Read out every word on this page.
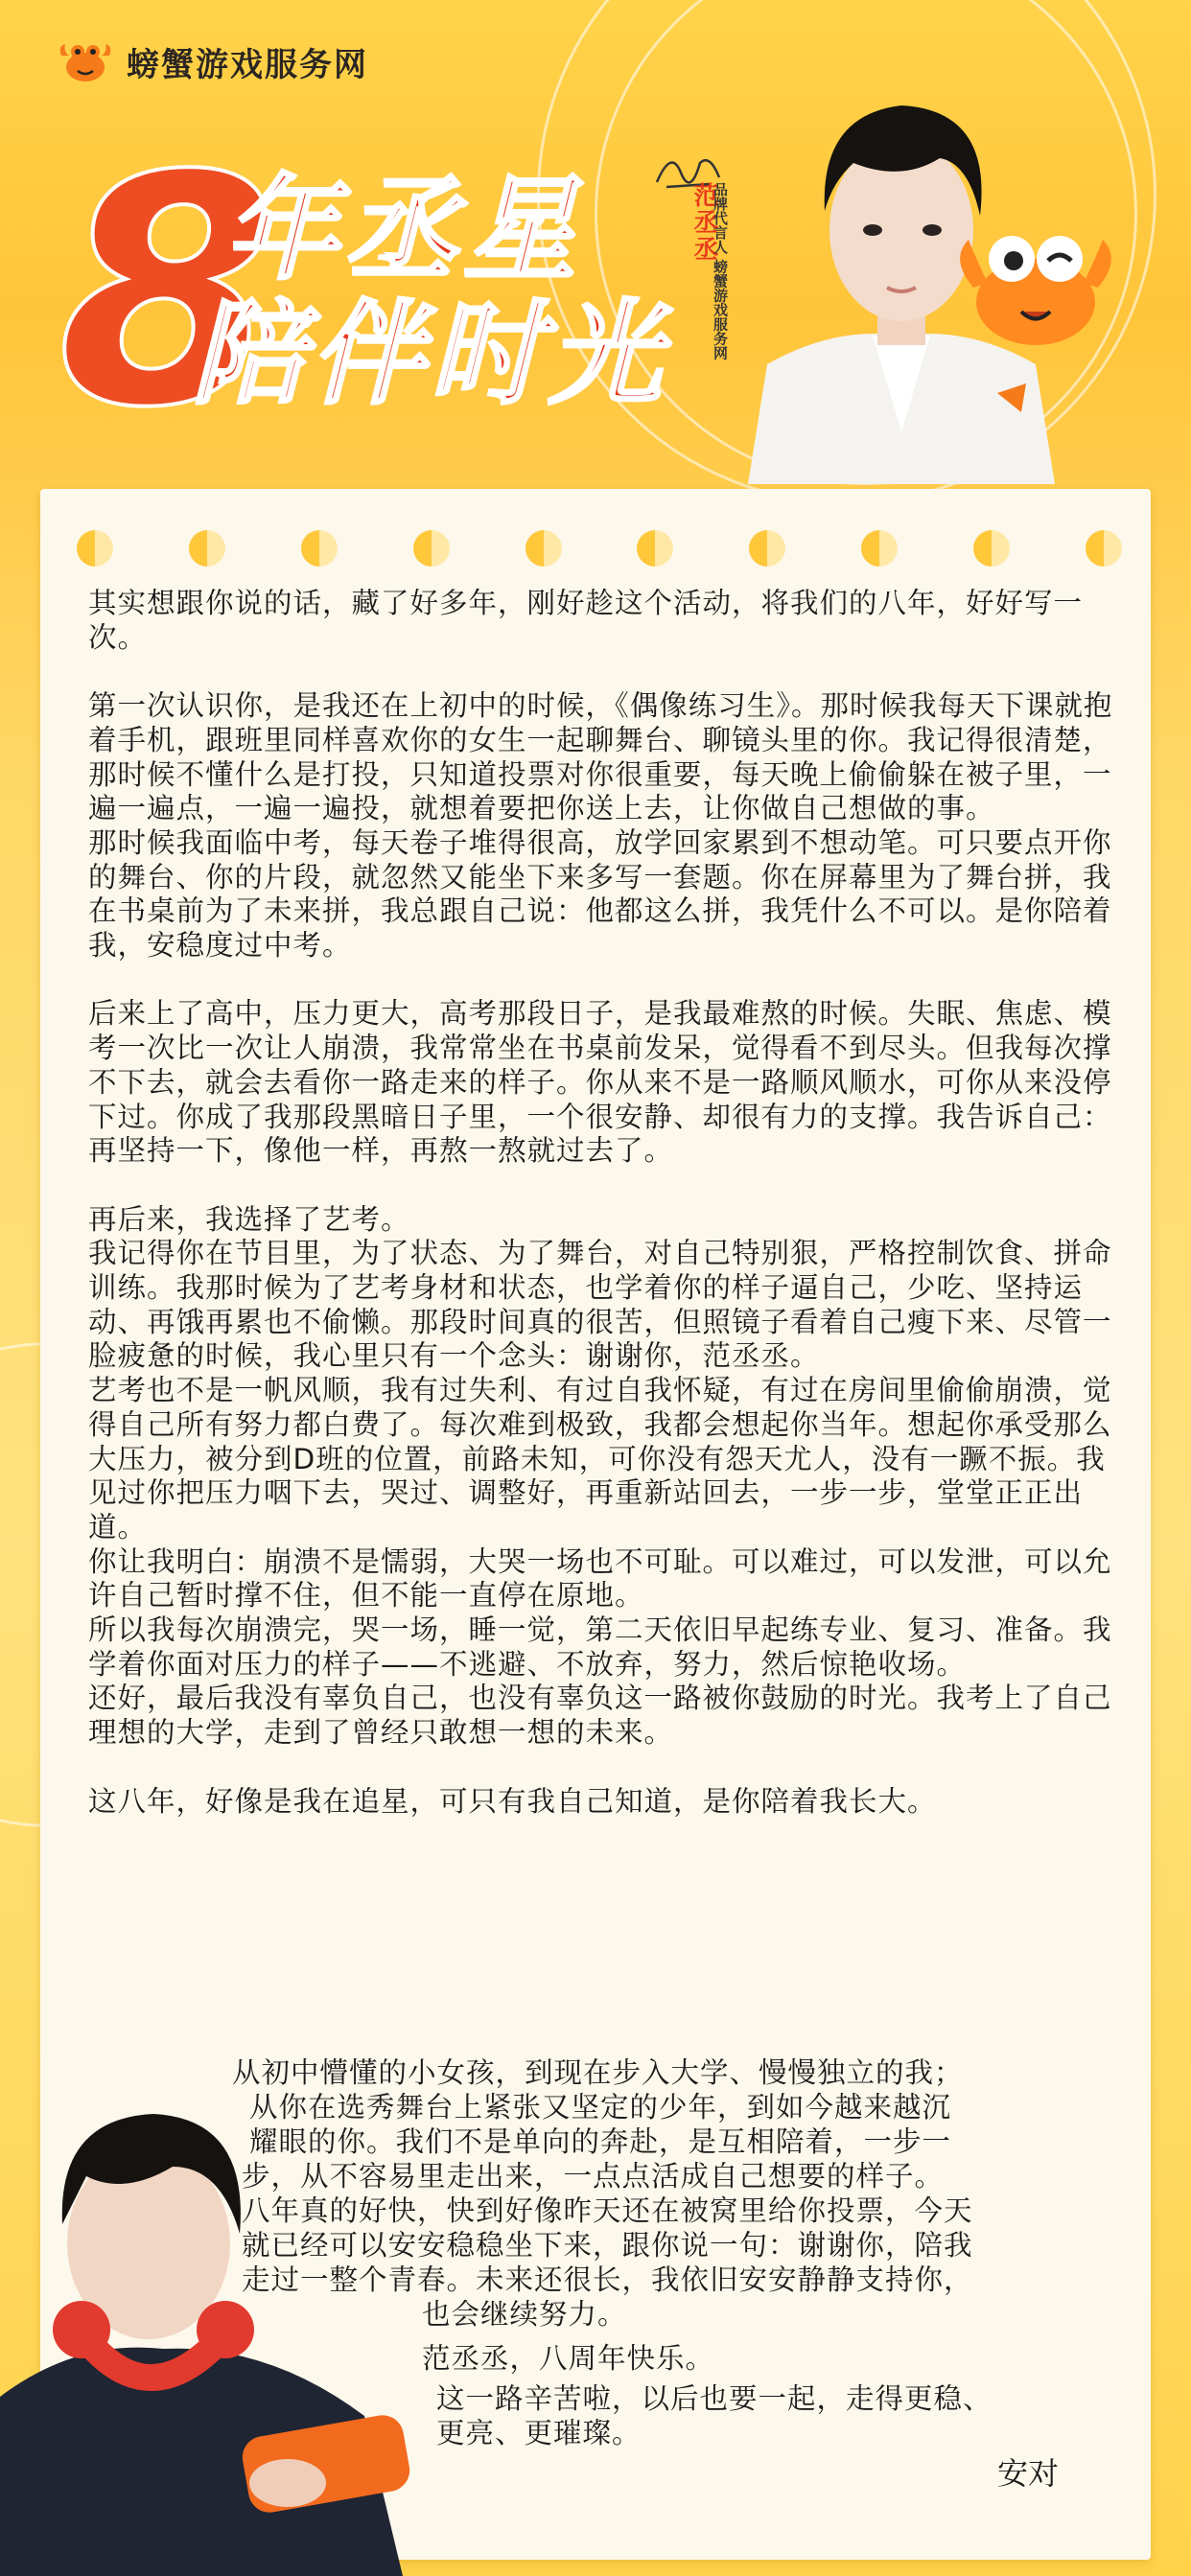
螃蟹游戏服务网
8
年丞星
陪伴时光
范丞丞
品牌代言人 螃蟹游戏服务网

其实想跟你说的话，藏了好多年，刚好趁这个活动，将我们的八年，好好写一次。

第一次认识你，是我还在上初中的时候，《偶像练习生》。那时候我每天下课就抱着手机，跟班里同样喜欢你的女生一起聊舞台、聊镜头里的你。我记得很清楚，那时候不懂什么是打投，只知道投票对你很重要，每天晚上偷偷躲在被子里，一遍一遍点，一遍一遍投，就想着要把你送上去，让你做自己想做的事。

那时候我面临中考，每天卷子堆得很高，放学回家累到不想动笔。可只要点开你的舞台、你的片段，就忽然又能坐下来多写一套题。你在屏幕里为了舞台拼，我在书桌前为了未来拼，我总跟自己说：他都这么拼，我凭什么不可以。是你陪着我，安稳度过中考。

后来上了高中，压力更大，高考那段日子，是我最难熬的时候。失眠、焦虑、模考一次比一次让人崩溃，我常常坐在书桌前发呆，觉得看不到尽头。但我每次撑不下去，就会去看你一路走来的样子。你从来不是一路顺风顺水，可你从来没停下过。你成了我那段黑暗日子里，一个很安静、却很有力的支撑。我告诉自己：再坚持一下，像他一样，再熬一熬就过去了。

再后来，我选择了艺考。

我记得你在节目里，为了状态、为了舞台，对自己特别狠，严格控制饮食、拼命训练。我那时候为了艺考身材和状态，也学着你的样子逼自己，少吃、坚持运动、再饿再累也不偷懒。那段时间真的很苦，但照镜子看着自己瘦下来、尽管一脸疲惫的时候，我心里只有一个念头：谢谢你，范丞丞。

艺考也不是一帆风顺，我有过失利、有过自我怀疑，有过在房间里偷偷崩溃，觉得自己所有努力都白费了。每次难到极致，我都会想起你当年。想起你承受那么大压力，被分到D班的位置，前路未知，可你没有怨天尤人，没有一蹶不振。我见过你把压力咽下去，哭过、调整好，再重新站回去，一步一步，堂堂正正出道。

你让我明白：崩溃不是懦弱，大哭一场也不可耻。可以难过，可以发泄，可以允许自己暂时撑不住，但不能一直停在原地。

所以我每次崩溃完，哭一场，睡一觉，第二天依旧早起练专业、复习、准备。我学着你面对压力的样子——不逃避、不放弃，努力，然后惊艳收场。

还好，最后我没有辜负自己，也没有辜负这一路被你鼓励的时光。我考上了自己理想的大学，走到了曾经只敢想一想的未来。

这八年，好像是我在追星，可只有我自己知道，是你陪着我长大。

从初中懵懂的小女孩，到现在步入大学、慢慢独立的我；
从你在选秀舞台上紧张又坚定的少年，到如今越来越沉
耀眼的你。我们不是单向的奔赴，是互相陪着，一步一
步，从不容易里走出来，一点点活成自己想要的样子。
八年真的好快，快到好像昨天还在被窝里给你投票，今天
就已经可以安安稳稳坐下来，跟你说一句：谢谢你，陪我
走过一整个青春。未来还很长，我依旧安安静静支持你，
也会继续努力。
范丞丞，八周年快乐。
这一路辛苦啦，以后也要一起，走得更稳、
更亮、更璀璨。
安对
